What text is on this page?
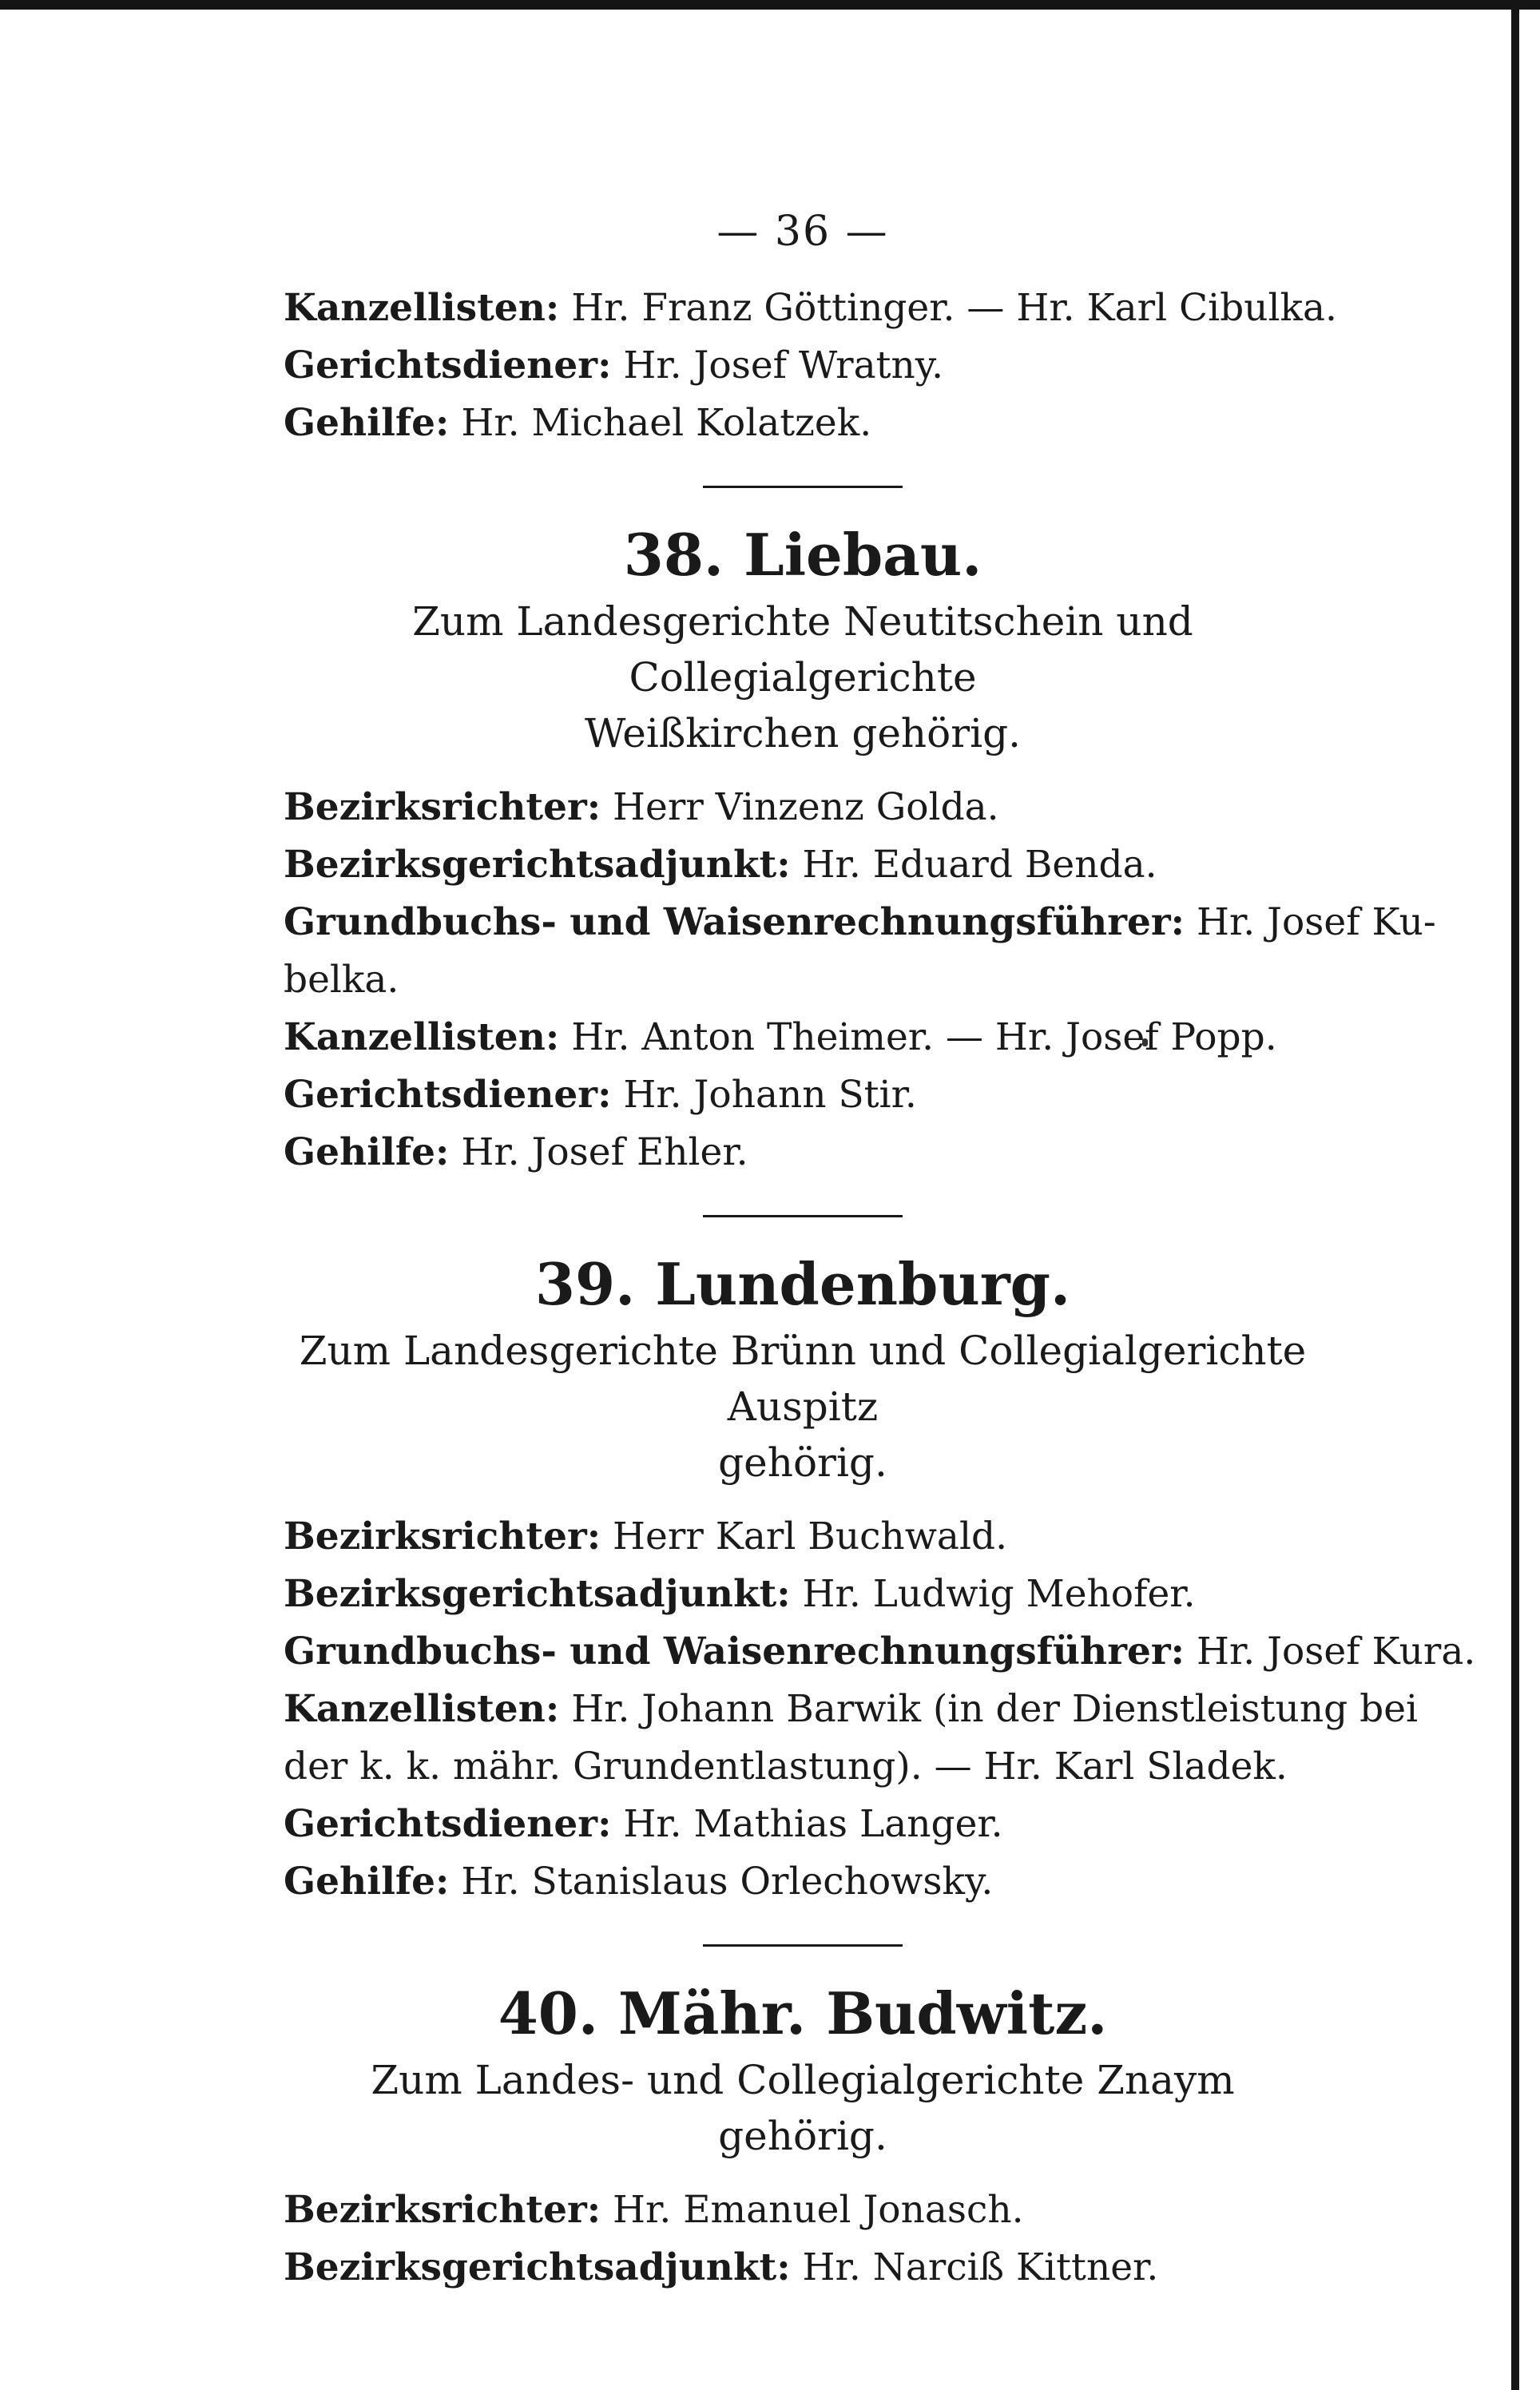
— 36 —
Kanzellisten: Hr. Franz Göttinger. — Hr. Karl Cibulka.
Gerichtsdiener: Hr. Josef Wratny.
Gehilfe: Hr. Michael Kolatzek.
38. Liebau.
Zum Landesgerichte Neutitschein und Collegialgerichte
Weißkirchen gehörig.
Bezirksrichter: Herr Vinzenz Golda.
Bezirksgerichtsadjunkt: Hr. Eduard Benda.
Grundbuchs- und Waisenrechnungsführer: Hr. Josef Ku-
belka.
Kanzellisten: Hr. Anton Theimer. — Hr. Josef Popp.
Gerichtsdiener: Hr. Johann Stir.
Gehilfe: Hr. Josef Ehler.
39. Lundenburg.
Zum Landesgerichte Brünn und Collegialgerichte Auspitz
gehörig.
Bezirksrichter: Herr Karl Buchwald.
Bezirksgerichtsadjunkt: Hr. Ludwig Mehofer.
Grundbuchs- und Waisenrechnungsführer: Hr. Josef Kura.
Kanzellisten: Hr. Johann Barwik (in der Dienstleistung bei
der k. k. mähr. Grundentlastung). — Hr. Karl Sladek.
Gerichtsdiener: Hr. Mathias Langer.
Gehilfe: Hr. Stanislaus Orlechowsky.
40. Mähr. Budwitz.
Zum Landes- und Collegialgerichte Znaym gehörig.
Bezirksrichter: Hr. Emanuel Jonasch.
Bezirksgerichtsadjunkt: Hr. Narciß Kittner.
